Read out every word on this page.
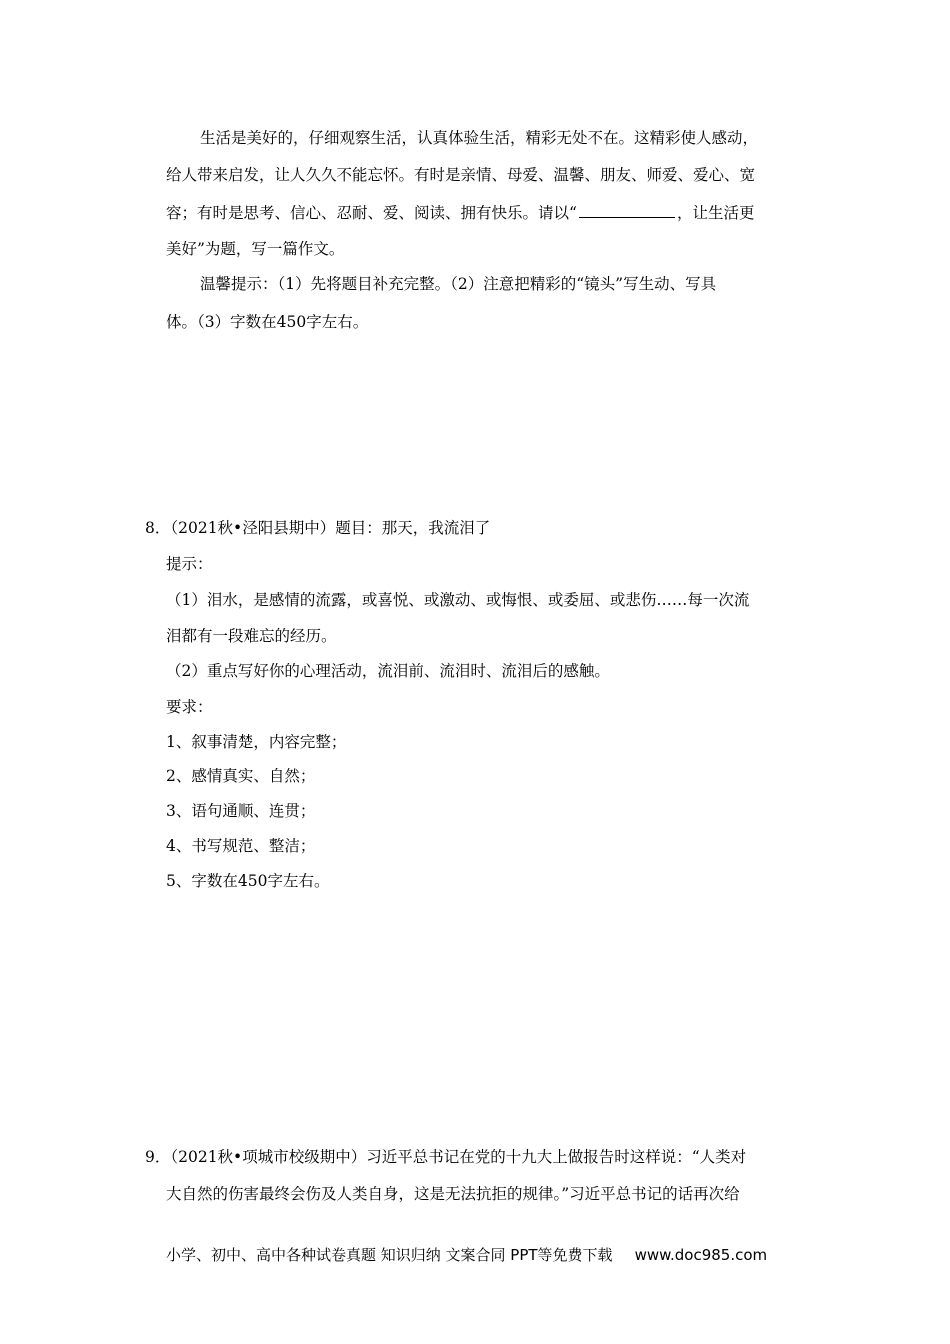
生活是美好的，仔细观察生活，认真体验生活，精彩无处不在。这精彩使人感动，
给人带来启发，让人久久不能忘怀。有时是亲情、母爱、温馨、朋友、师爱、爱心、宽
容；有时是思考、信心、忍耐、爱、阅读、拥有快乐。请以“	，让生活更
美好”为题，写一篇作文。
温馨提示：（1）先将题目补充完整。（2）注意把精彩的“镜头”写生动、写具
体。（3）字数在450字左右。
8．（2021秋•泾阳县期中）题目：那天，我流泪了
提示：
（1）泪水，是感情的流露，或喜悦、或激动、或悔恨、或委屈、或悲伤……每一次流
泪都有一段难忘的经历。
（2）重点写好你的心理活动，流泪前、流泪时、流泪后的感触。
要求：
1、叙事清楚，内容完整；
2、感情真实、自然；
3、语句通顺、连贯；
4、书写规范、整洁；
5、字数在450字左右。
9．（2021秋•项城市校级期中）习近平总书记在党的十九大上做报告时这样说：“人类对
大自然的伤害最终会伤及人类自身，这是无法抗拒的规律。”习近平总书记的话再次给
小学、初中、高中各种试卷真题 知识归纳 文案合同 PPT等免费下载 www.doc985.com
